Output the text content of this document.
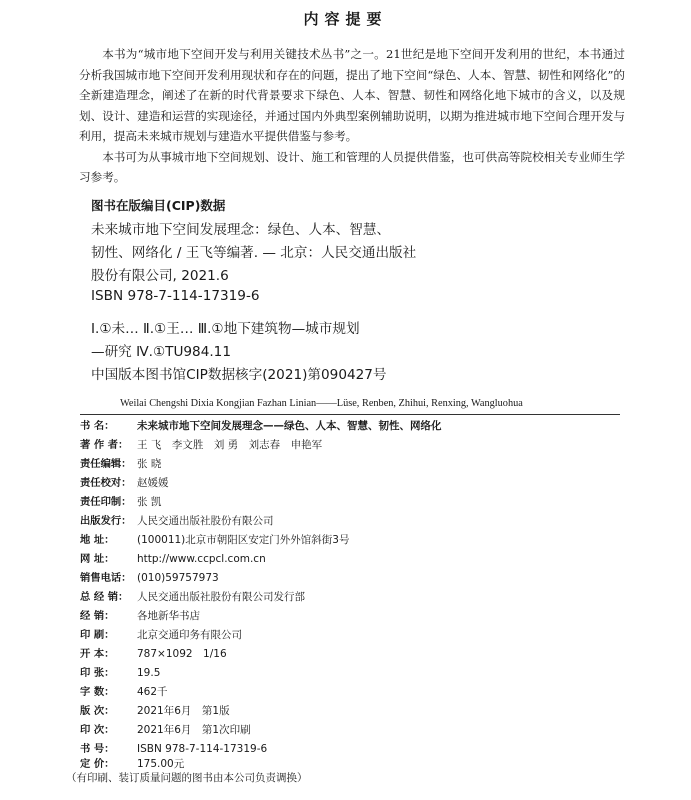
内容提要

本书为“城市地下空间开发与利用关键技术丛书”之一。21世纪是地下空间开发利用的世纪，本书通过分析我国城市地下空间开发利用现状和存在的问题，提出了地下空间“绿色、人本、智慧、韧性和网络化”的全新建造理念，阐述了在新的时代背景要求下绿色、人本、智慧、韧性和网络化地下城市的含义，以及规划、设计、建造和运营的实现途径，并通过国内外典型案例辅助说明，以期为推进城市地下空间合理开发与利用，提高未来城市规划与建造水平提供借鉴与参考。

本书可为从事城市地下空间规划、设计、施工和管理的人员提供借鉴，也可供高等院校相关专业师生学习参考。

图书在版编目(CIP)数据
未来城市地下空间发展理念：绿色、人本、智慧、
韧性、网络化 / 王飞等编著. — 北京：人民交通出版社
股份有限公司, 2021.6
ISBN 978-7-114-17319-6
Ⅰ.①未… Ⅱ.①王… Ⅲ.①地下建筑物—城市规划
—研究 Ⅳ.①TU984.11
中国版本图书馆CIP数据核字(2021)第090427号
Weilai Chengshi Dixia Kongjian Fazhan Linian——Lüse, Renben, Zhihui, Renxing, Wangluohua
书 名：	未来城市地下空间发展理念——绿色、人本、智慧、韧性、网络化
著 作 者： 王 飞　李文胜　刘 勇　刘志春　申艳军
责任编辑： 张 晓
责任校对： 赵媛媛
责任印制： 张 凯
出版发行： 人民交通出版社股份有限公司
地 址：	(100011)北京市朝阳区安定门外外馆斜街3号
网 址：	http://www.ccpcl.com.cn
销售电话： (010)59757973
总 经 销： 人民交通出版社股份有限公司发行部
经 销：	各地新华书店
印 刷：	北京交通印务有限公司
开 本：	787×1092　1/16
印 张：	19.5
字 数：	462千
版 次：	2021年6月　第1版
印 次：	2021年6月　第1次印刷
书 号：	ISBN 978-7-114-17319-6
定 价：	175.00元
（有印刷、装订质量问题的图书由本公司负责调换）
